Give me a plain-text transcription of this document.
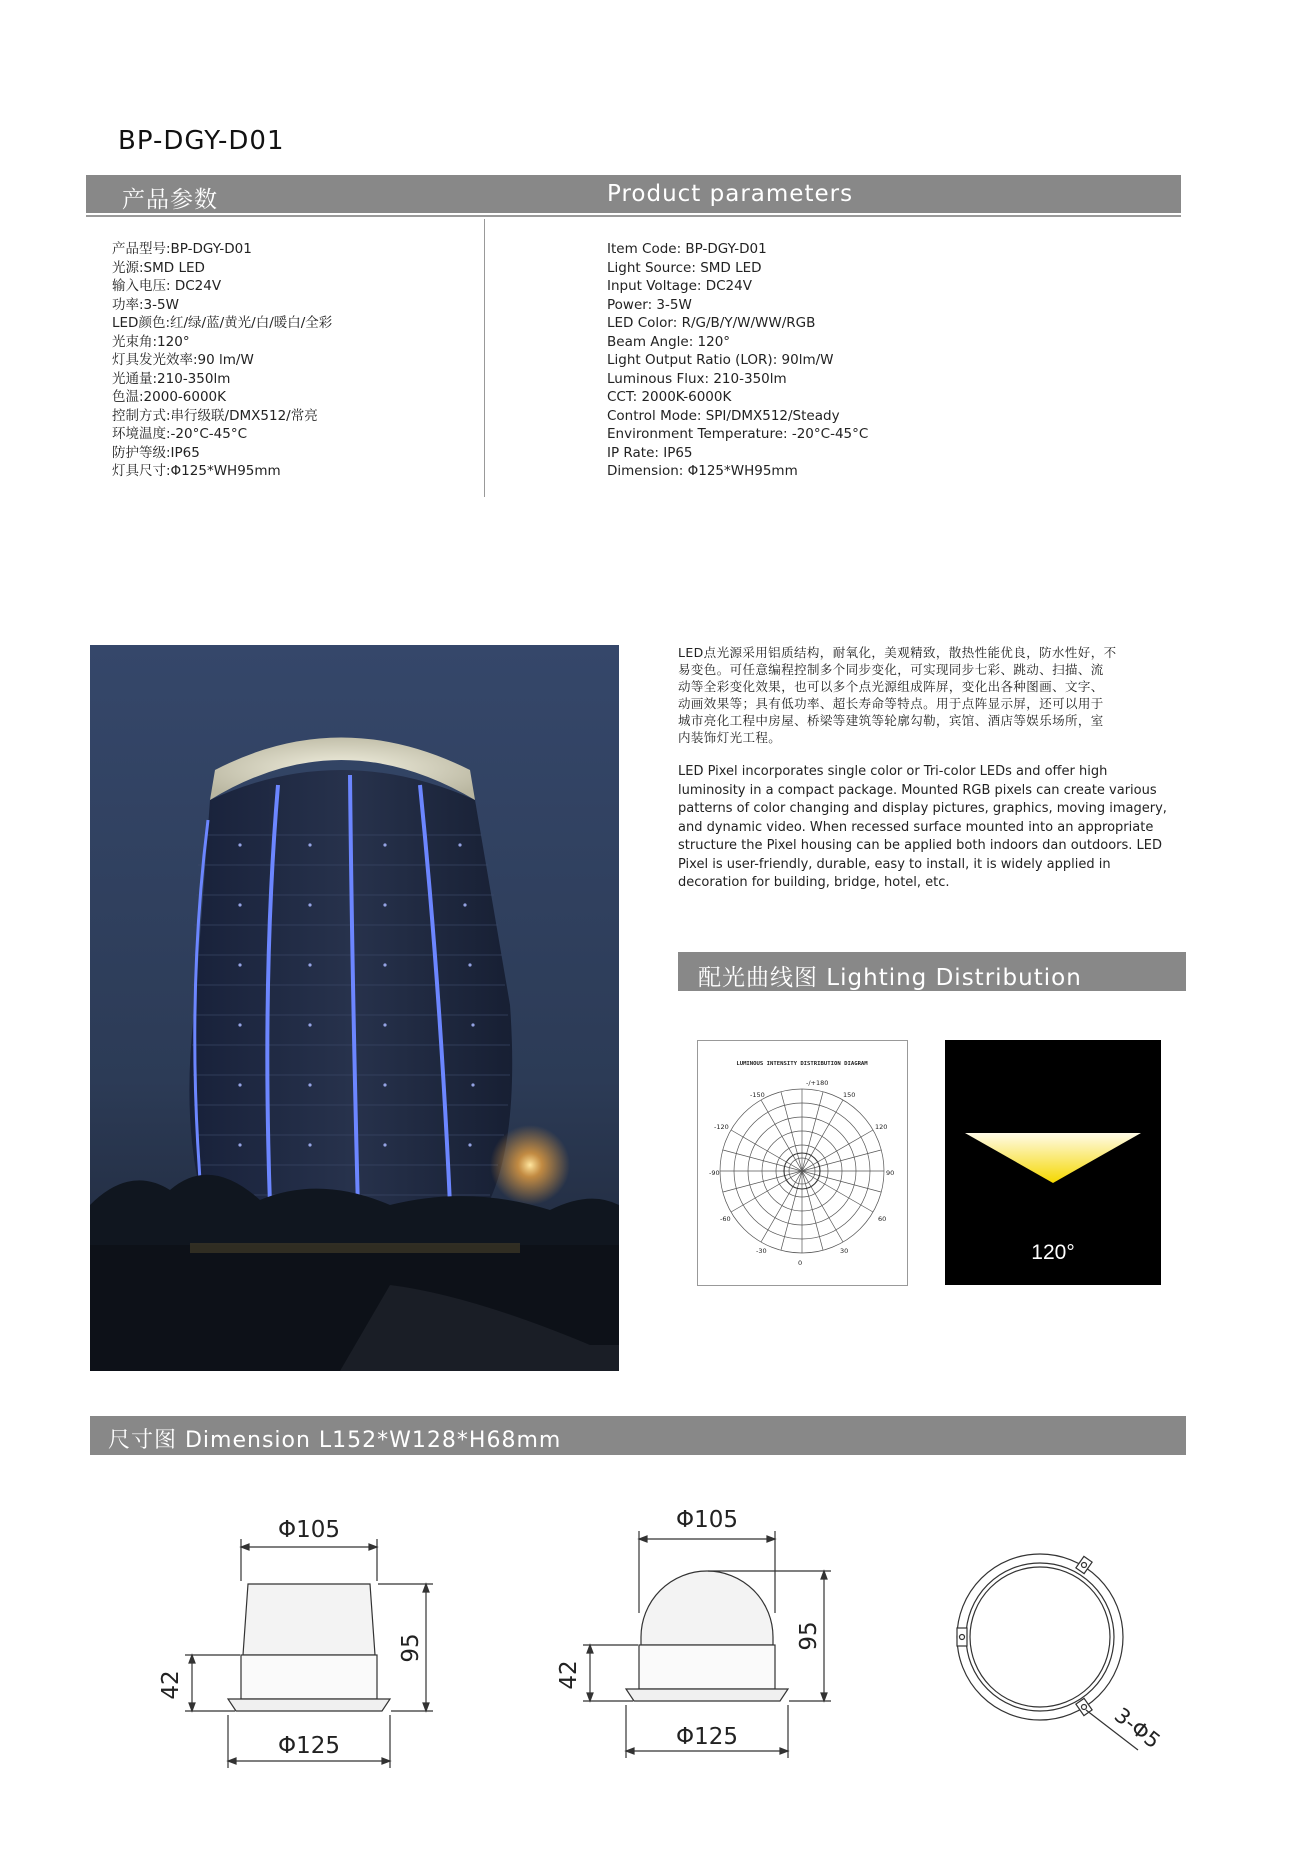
BP-DGY-D01
产品参数	Product parameters
产品型号:BP-DGY-D01
光源:SMD LED
输入电压: DC24V
功率:3-5W
LED颜色:红/绿/蓝/黄光/白/暖白/全彩
光束角:120°
灯具发光效率:90 lm/W
光通量:210-350lm
色温:2000-6000K
控制方式:串行级联/DMX512/常亮
环境温度:-20°C-45°C
防护等级:IP65
灯具尺寸:Φ125*WH95mm
Item Code: BP-DGY-D01
Light Source: SMD LED
Input Voltage: DC24V
Power: 3-5W
LED Color: R/G/B/Y/W/WW/RGB
Beam Angle: 120°
Light Output Ratio (LOR): 90lm/W
Luminous Flux: 210-350lm
CCT: 2000K-6000K
Control Mode: SPI/DMX512/Steady
Environment Temperature: -20°C-45°C
IP Rate: IP65
Dimension: Φ125*WH95mm
LED点光源采用铝质结构，耐氧化，美观精致，散热性能优良，防水性好，不
易变色。可任意编程控制多个同步变化，可实现同步七彩、跳动、扫描、流
动等全彩变化效果，也可以多个点光源组成阵屏，变化出各种图画、文字、
动画效果等；具有低功率、超长寿命等特点。用于点阵显示屏，还可以用于
城市亮化工程中房屋、桥梁等建筑等轮廓勾勒，宾馆、酒店等娱乐场所，室
内装饰灯光工程。
LED Pixel incorporates single color or Tri-color LEDs and offer high
luminosity in a compact package. Mounted RGB pixels can create various
patterns of color changing and display pictures, graphics, moving imagery,
and dynamic video. When recessed surface mounted into an appropriate
structure the Pixel housing can be applied both indoors dan outdoors. LED
Pixel is user-friendly, durable, easy to install, it is widely applied in
decoration for building, bridge, hotel, etc.
配光曲线图 Lighting Distribution
LUMINOUS INTENSITY DISTRIBUTION DIAGRAM
-/+180
-150	150
-120	120
-90	90
-60	60
-30	30
0	120°
尺寸图 Dimension L152*W128*H68mm
Φ105
Φ125
42
95
Φ105
Φ125
42
95
3-Φ5
